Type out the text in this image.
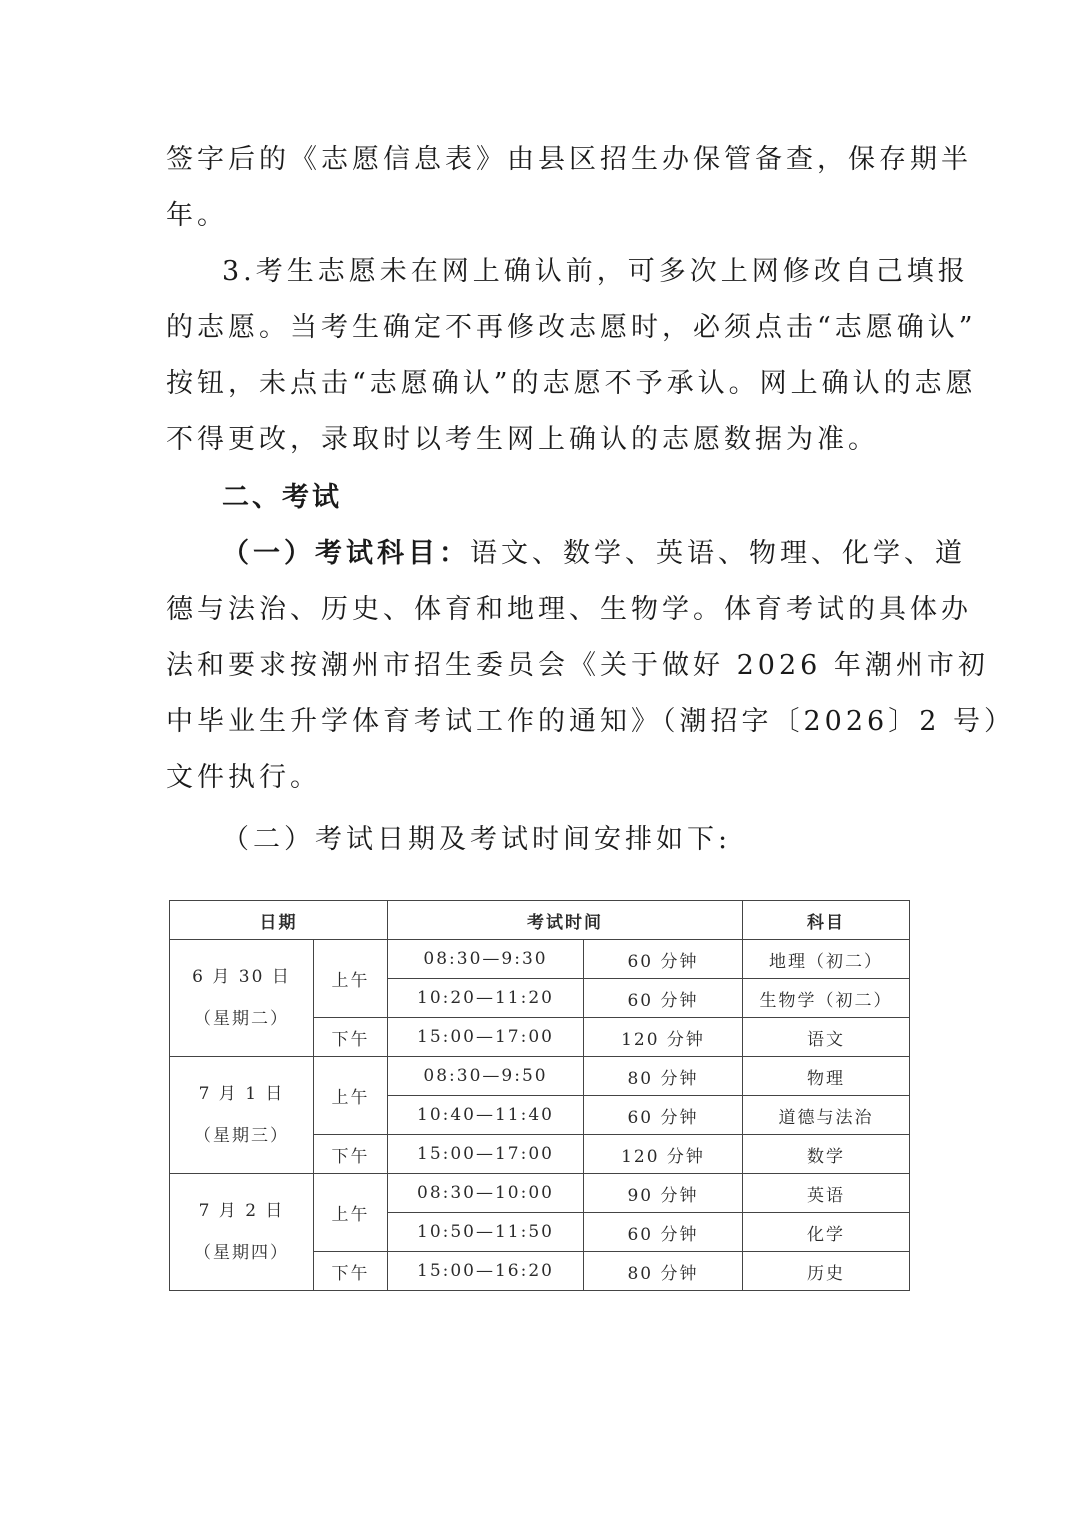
签字后的《志愿信息表》由县区招生办保管备查，保存期半
年。
3.考生志愿未在网上确认前，可多次上网修改自己填报
的志愿。当考生确定不再修改志愿时，必须点击“志愿确认”
按钮，未点击“志愿确认”的志愿不予承认。网上确认的志愿
不得更改，录取时以考生网上确认的志愿数据为准。
二、考试
（一）考试科目：语文、数学、英语、物理、化学、道
德与法治、历史、体育和地理、生物学。体育考试的具体办
法和要求按潮州市招生委员会《关于做好 2026 年潮州市初
中毕业生升学体育考试工作的通知》（潮招字〔2026〕2 号）
文件执行。
（二）考试日期及考试时间安排如下:
日期		考试时间		科目

6 月 30 日
（星期二）	上午	08:30—9:30	60 分钟	地理（初二）
		10:20—11:20	60 分钟	生物学（初二）
	下午	15:00—17:00	120 分钟	语文

7 月 1 日
（星期三）	上午	08:30—9:50	80 分钟	物理
		10:40—11:40	60 分钟	道德与法治
	下午	15:00—17:00	120 分钟	数学

7 月 2 日
（星期四）	上午	08:30—10:00	90 分钟	英语
		10:50—11:50	60 分钟	化学
	下午	15:00—16:20	80 分钟	历史
